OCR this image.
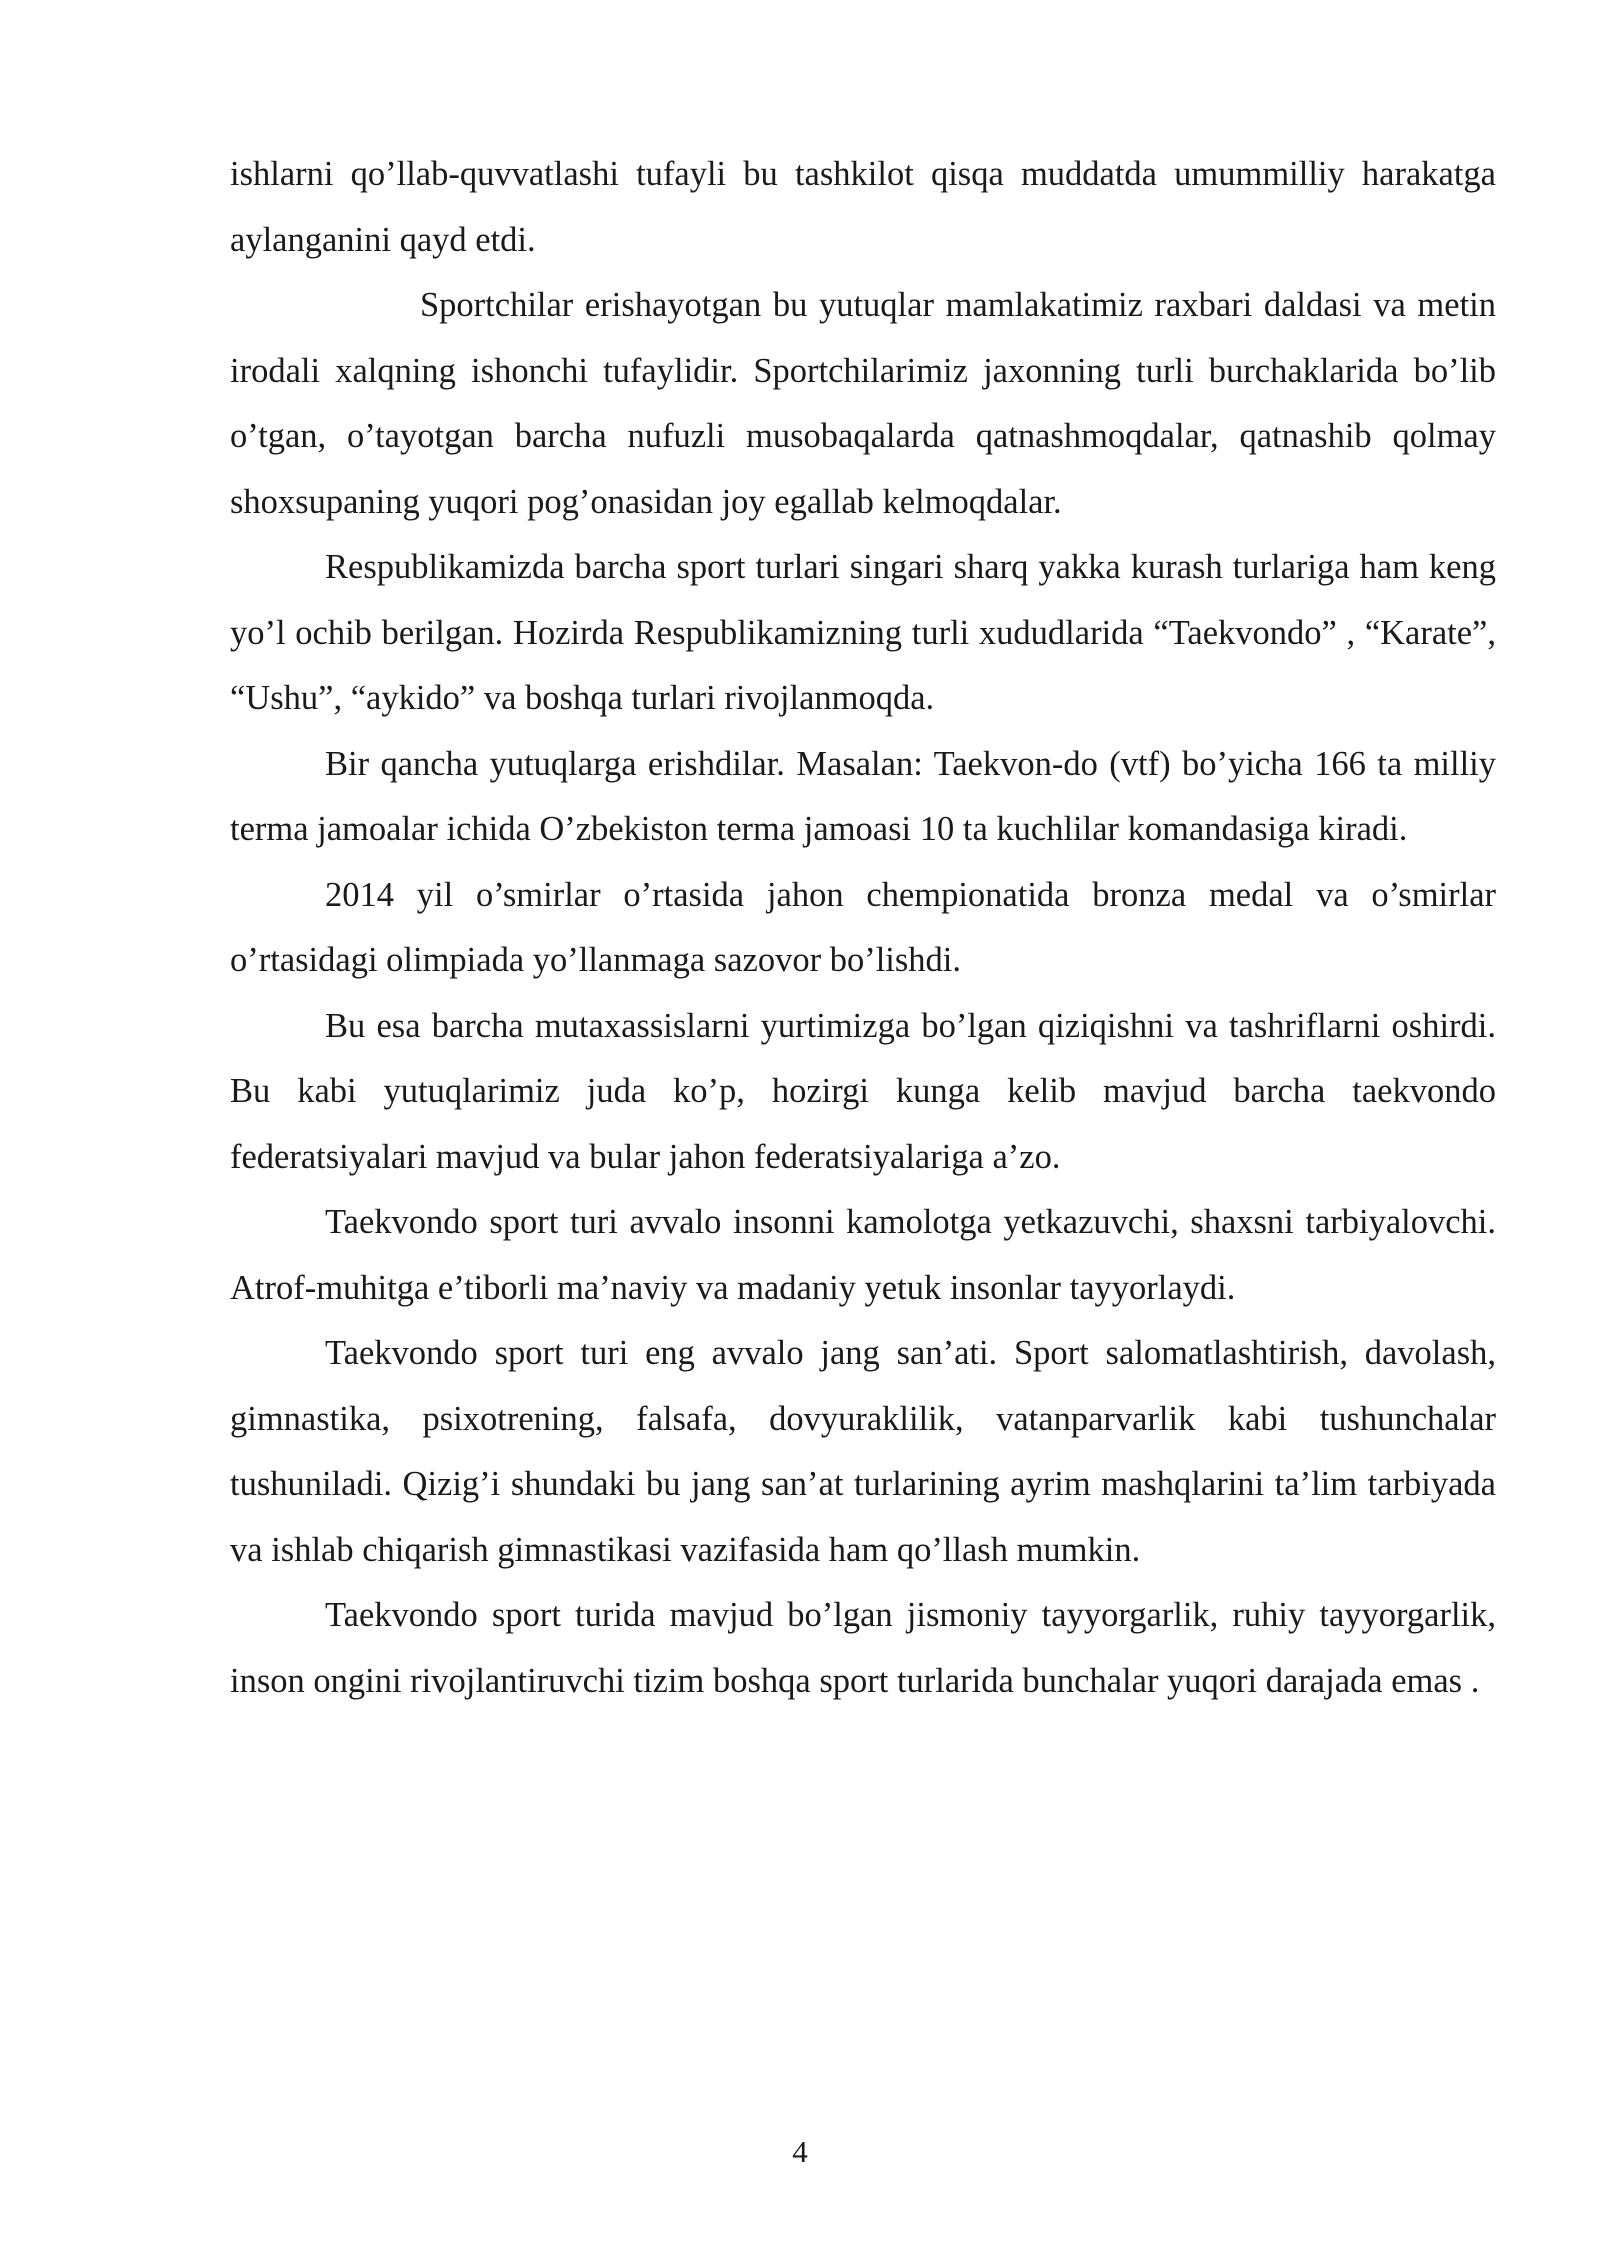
ishlarni qo’llab-quvvatlashi tufayli bu tashkilot qisqa muddatda umummilliy harakatga aylanganini qayd etdi.

Sportchilar erishayotgan bu yutuqlar mamlakatimiz raxbari daldasi va metin irodali xalqning ishonchi tufaylidir. Sportchilarimiz jaxonning turli burchaklarida bo’lib o’tgan, o’tayotgan barcha nufuzli musobaqalarda qatnashmoqdalar, qatnashib qolmay shoxsupaning yuqori pog’onasidan joy egallab kelmoqdalar.

Respublikamizda barcha sport turlari singari sharq yakka kurash turlariga ham keng yo’l ochib berilgan. Hozirda Respublikamizning turli xududlarida “Taekvondo” , “Karate”, “Ushu”, “aykido” va boshqa turlari rivojlanmoqda.

Bir qancha yutuqlarga erishdilar. Masalan: Taekvon-do (vtf) bo’yicha 166 ta milliy terma jamoalar ichida O’zbekiston terma jamoasi 10 ta kuchlilar komandasiga kiradi.

2014 yil o’smirlar o’rtasida jahon chempionatida bronza medal va o’smirlar o’rtasidagi olimpiada yo’llanmaga sazovor bo’lishdi.

Bu esa barcha mutaxassislarni yurtimizga bo’lgan qiziqishni va tashriflarni oshirdi. Bu kabi yutuqlarimiz juda ko’p, hozirgi kunga kelib mavjud barcha taekvondo federatsiyalari mavjud va bular jahon federatsiyalariga a’zo.

Taekvondo sport turi avvalo insonni kamolotga yetkazuvchi, shaxsni tarbiyalovchi. Atrof-muhitga e’tiborli ma’naviy va madaniy yetuk insonlar tayyorlaydi.

Taekvondo sport turi eng avvalo jang san’ati. Sport salomatlashtirish, davolash, gimnastika, psixotrening, falsafa, dovyuraklilik, vatanparvarlik kabi tushunchalar tushuniladi. Qizig’i shundaki bu jang san’at turlarining ayrim mashqlarini ta’lim tarbiyada va ishlab chiqarish gimnastikasi vazifasida ham qo’llash mumkin.

Taekvondo sport turida mavjud bo’lgan jismoniy tayyorgarlik, ruhiy tayyorgarlik, inson ongini rivojlantiruvchi tizim boshqa sport turlarida bunchalar yuqori darajada emas .

4
